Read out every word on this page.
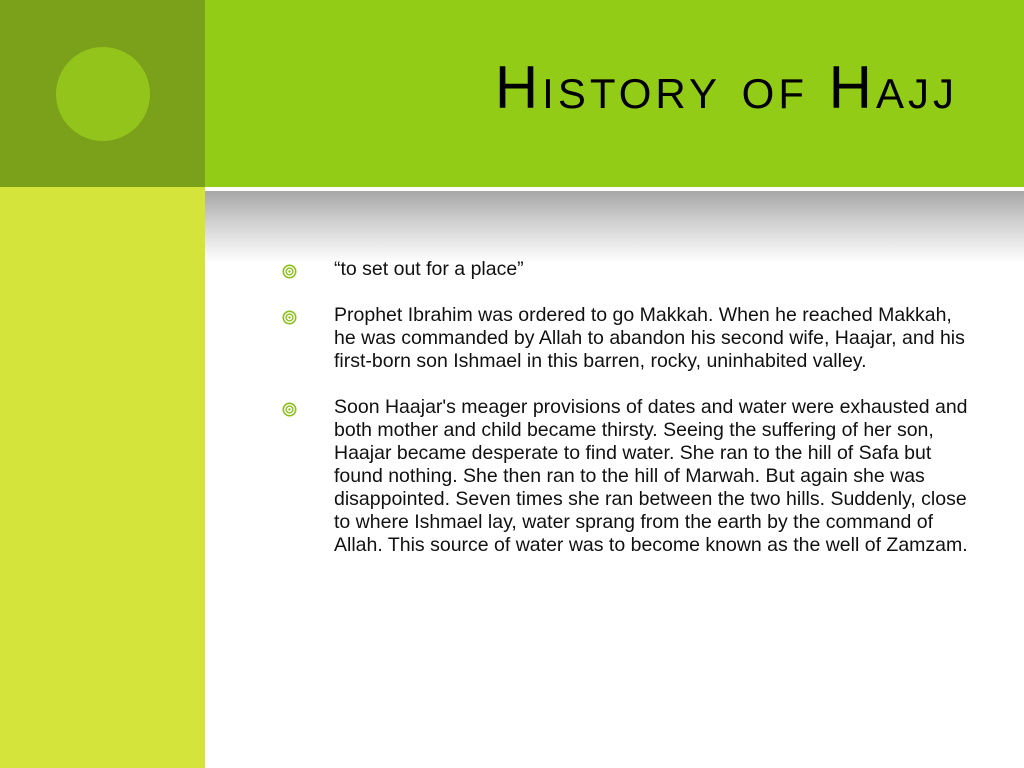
History of Hajj
“to set out for a place”
Prophet Ibrahim was ordered to go Makkah. When he reached Makkah, he was commanded by Allah to abandon his second wife, Haajar, and his first-born son Ishmael in this barren, rocky, uninhabited valley.
Soon Haajar's meager provisions of dates and water were exhausted and both mother and child became thirsty. Seeing the suffering of her son, Haajar became desperate to find water. She ran to the hill of Safa but found nothing. She then ran to the hill of Marwah. But again she was disappointed. Seven times she ran between the two hills. Suddenly, close to where Ishmael lay, water sprang from the earth by the command of Allah. This source of water was to become known as the well of Zamzam.
